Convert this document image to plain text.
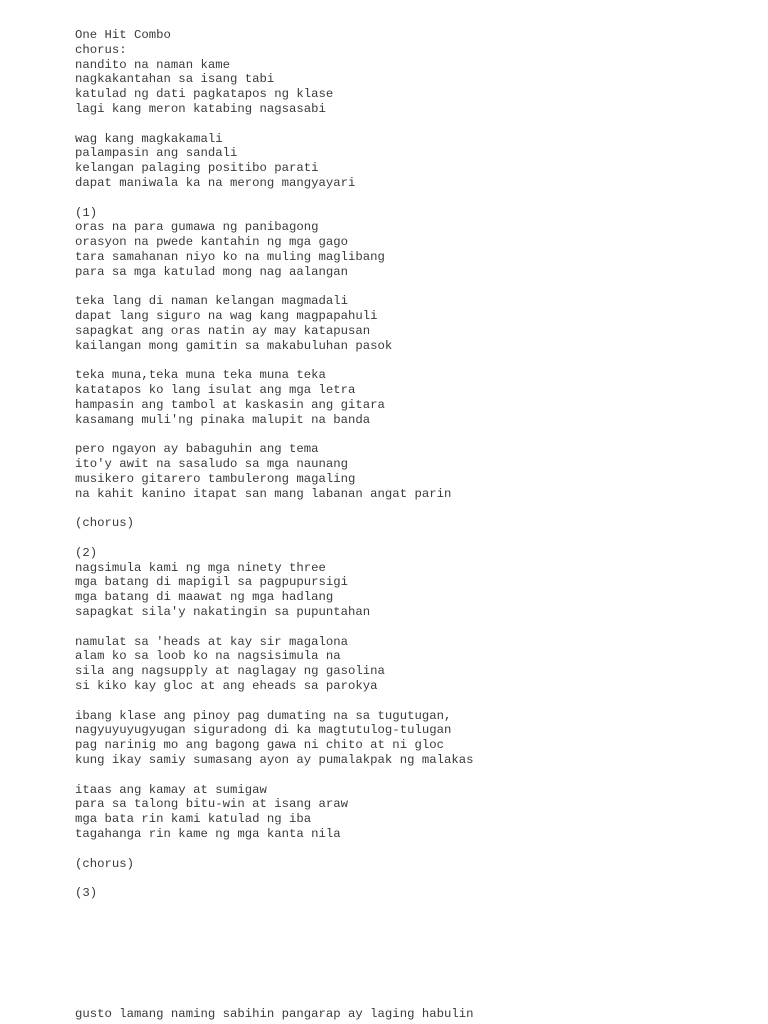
One Hit Combo
chorus:
nandito na naman kame
nagkakantahan sa isang tabi
katulad ng dati pagkatapos ng klase
lagi kang meron katabing nagsasabi
wag kang magkakamali
palampasin ang sandali
kelangan palaging positibo parati
dapat maniwala ka na merong mangyayari
(1)
oras na para gumawa ng panibagong
orasyon na pwede kantahin ng mga gago
tara samahanan niyo ko na muling maglibang
para sa mga katulad mong nag aalangan
teka lang di naman kelangan magmadali
dapat lang siguro na wag kang magpapahuli
sapagkat ang oras natin ay may katapusan
kailangan mong gamitin sa makabuluhan pasok
teka muna,teka muna teka muna teka
katatapos ko lang isulat ang mga letra
hampasin ang tambol at kaskasin ang gitara
kasamang muli'ng pinaka malupit na banda
pero ngayon ay babaguhin ang tema
ito'y awit na sasaludo sa mga naunang
musikero gitarero tambulerong magaling
na kahit kanino itapat san mang labanan angat parin
(chorus)
(2)
nagsimula kami ng mga ninety three
mga batang di mapigil sa pagpupursigi
mga batang di maawat ng mga hadlang
sapagkat sila'y nakatingin sa pupuntahan
namulat sa 'heads at kay sir magalona
alam ko sa loob ko na nagsisimula na
sila ang nagsupply at naglagay ng gasolina
si kiko kay gloc at ang eheads sa parokya
ibang klase ang pinoy pag dumating na sa tugutugan,
nagyuyuyugyugan siguradong di ka magtutulog-tulugan
pag narinig mo ang bagong gawa ni chito at ni gloc
kung ikay samiy sumasang ayon ay pumalakpak ng malakas
itaas ang kamay at sumigaw
para sa talong bitu-win at isang araw
mga bata rin kami katulad ng iba
tagahanga rin kame ng mga kanta nila
(chorus)
(3)
gusto lamang naming sabihin pangarap ay laging habulin
